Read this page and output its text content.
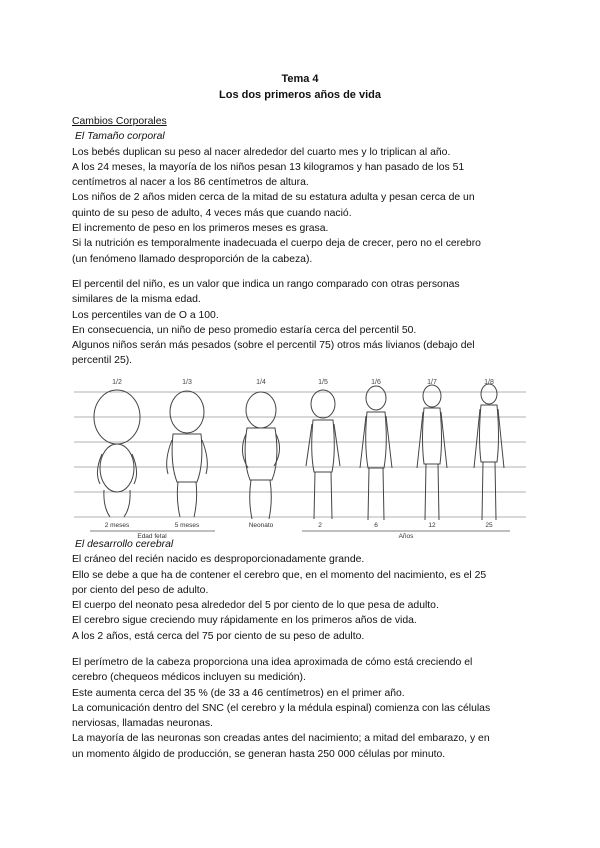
Tema 4
Los dos primeros años de vida
Cambios Corporales
El Tamaño corporal
Los bebés duplican su peso al nacer alrededor del cuarto mes y lo triplican al año.
A los 24 meses, la mayoría de los niños pesan 13 kilogramos y han pasado de los 51
centímetros al nacer a los 86 centímetros de altura.
Los niños de 2 años miden cerca de la mitad de su estatura adulta y pesan cerca de un
quinto de su peso de adulto, 4 veces más que cuando nació.
El incremento de peso en los primeros meses es grasa.
Si la nutrición es temporalmente inadecuada el cuerpo deja de crecer, pero no el cerebro
(un fenómeno llamado desproporción de la cabeza).
El percentil del niño, es un valor que indica un rango comparado con otras personas
similares de la misma edad.
Los percentiles van de O a 100.
En consecuencia, un niño de peso promedio estaría cerca del percentil 50.
Algunos niños serán más pesados (sobre el percentil 75) otros más livianos (debajo del
percentil 25).
1/2	1/3	1/4	1/5	1/6	1/7	1/8
2 meses	5 meses	Neonato	2	6	12	25
Edad fetal	Años
El desarrollo cerebral
El cráneo del recién nacido es desproporcionadamente grande.
Ello se debe a que ha de contener el cerebro que, en el momento del nacimiento, es el 25
por ciento del peso de adulto.
El cuerpo del neonato pesa alrededor del 5 por ciento de lo que pesa de adulto.
El cerebro sigue creciendo muy rápidamente en los primeros años de vida.
A los 2 años, está cerca del 75 por ciento de su peso de adulto.
El perímetro de la cabeza proporciona una idea aproximada de cómo está creciendo el
cerebro (chequeos médicos incluyen su medición).
Este aumenta cerca del 35 % (de 33 a 46 centímetros) en el primer año.
La comunicación dentro del SNC (el cerebro y la médula espinal) comienza con las células
nerviosas, llamadas neuronas.
La mayoría de las neuronas son creadas antes del nacimiento; a mitad del embarazo, y en
un momento álgido de producción, se generan hasta 250 000 células por minuto.
